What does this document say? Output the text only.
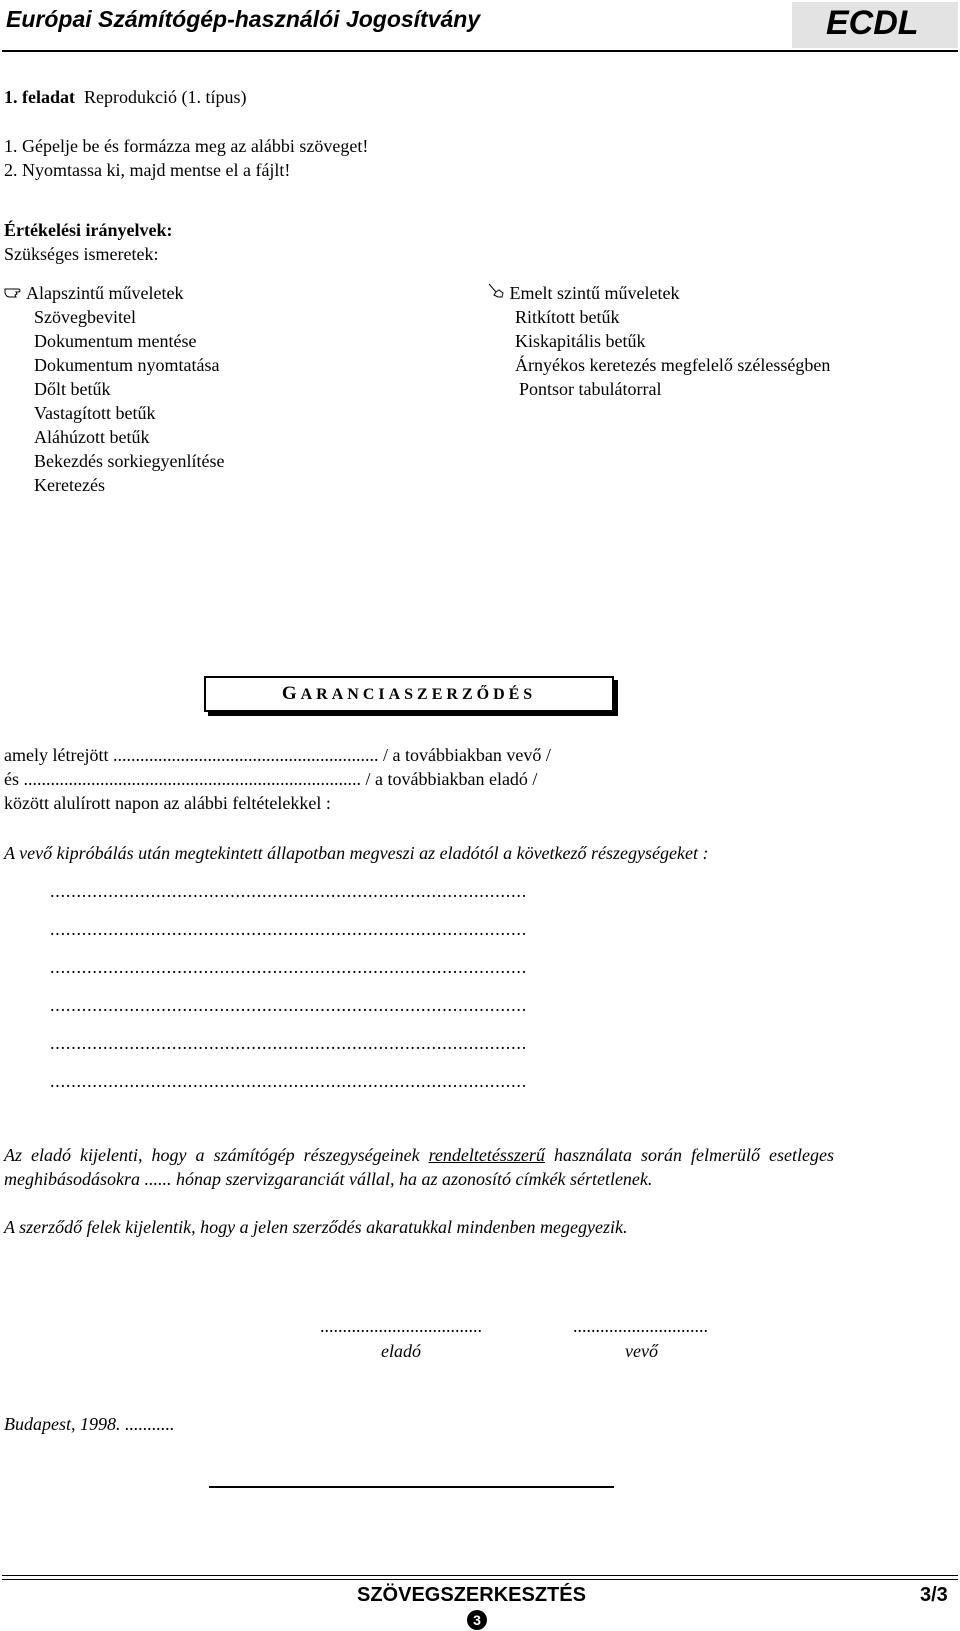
Európai Számítógép-használói Jogosítvány	ECDL
1. feladat Reprodukció (1. típus)
1. Gépelje be és formázza meg az alábbi szöveget!
2. Nyomtassa ki, majd mentse el a fájlt!
Értékelési irányelvek:
Szükséges ismeretek:
Alapszintű műveletek
Szövegbevitel
Dokumentum mentése
Dokumentum nyomtatása
Dőlt betűk
Vastagított betűk
Aláhúzott betűk
Bekezdés sorkiegyenlítése
Keretezés
Emelt szintű műveletek
Ritkított betűk
Kiskapitális betűk
Árnyékos keretezés megfelelő szélességben
Pontsor tabulátorral
GARANCIASZERZŐDÉS
amely létrejött ........................................................... / a továbbiakban vevő /
és ........................................................................... / a továbbiakban eladó /
között alulírott napon az alábbi feltételekkel :
A vevő kipróbálás után megtekintett állapotban megveszi az eladótól a következő részegységeket :
..........................................................................................
..........................................................................................
..........................................................................................
..........................................................................................
..........................................................................................
..........................................................................................
Az eladó kijelenti, hogy a számítógép részegységeinek rendeltetésszerű használata során felmerülő esetleges meghibásodásokra ...... hónap szervizgaranciát vállal, ha az azonosító címkék sértetlenek.
A szerződő felek kijelentik, hogy a jelen szerződés akaratukkal mindenben megegyezik.
....................................	..............................
eladó	vevő
Budapest, 1998. ...........
SZÖVEGSZERKESZTÉS	3/3
3
